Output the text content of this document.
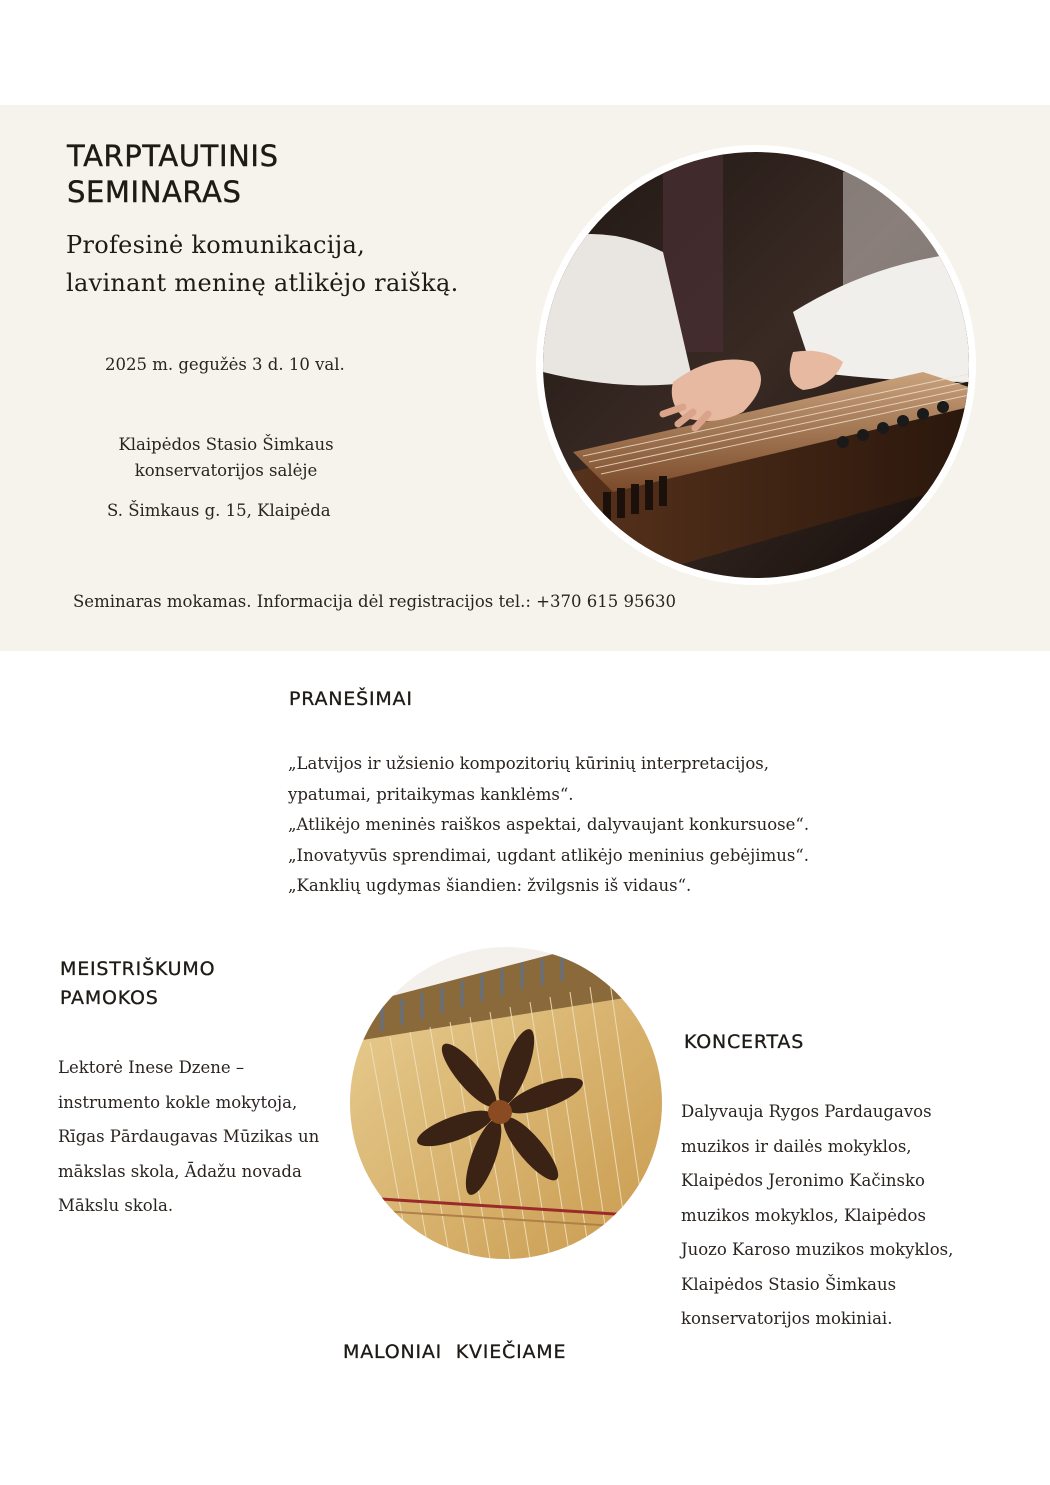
TARPTAUTINIS
SEMINARAS
Profesinė komunikacija,
lavinant meninę atlikėjo raišką.
2025 m. gegužės 3 d. 10 val.
Klaipėdos Stasio Šimkaus
konservatorijos salėje
S. Šimkaus g. 15, Klaipėda
Seminaras mokamas. Informacija dėl registracijos tel.: +370 615 95630
PRANEŠIMAI
„Latvijos ir užsienio kompozitorių kūrinių interpretacijos,
ypatumai, pritaikymas kanklėms“.
„Atlikėjo meninės raiškos aspektai, dalyvaujant konkursuose“.
„Inovatyvūs sprendimai, ugdant atlikėjo meninius gebėjimus“.
„Kanklių ugdymas šiandien: žvilgsnis iš vidaus“.
MEISTRIŠKUMO
PAMOKOS
Lektorė Inese Dzene –
instrumento kokle mokytoja,
Rīgas Pārdaugavas Mūzikas un
mākslas skola, Ādažu novada
Mākslu skola.
KONCERTAS
Dalyvauja Rygos Pardaugavos
muzikos ir dailės mokyklos,
Klaipėdos Jeronimo Kačinsko
muzikos mokyklos, Klaipėdos
Juozo Karoso muzikos mokyklos,
Klaipėdos Stasio Šimkaus
konservatorijos mokiniai.
MALONIAI  KVIEČIAME
